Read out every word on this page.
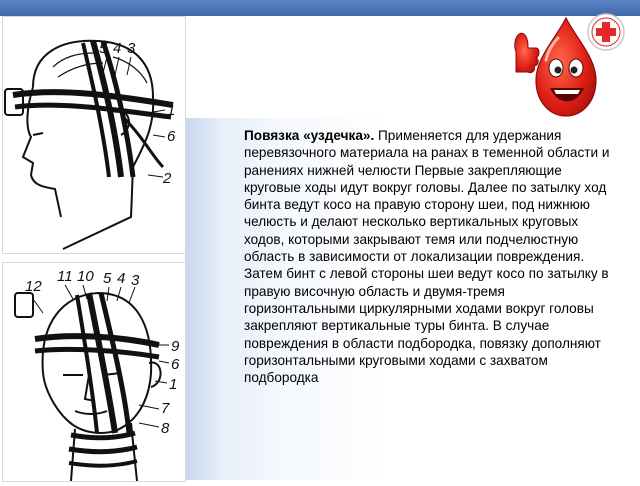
5 4 3
1
6
2
12
11 10 5 4 3
9
6
1
7
8
Повязка «уздечка». Применяется для удержания перевязочного материала на ранах в теменной области и ранениях нижней челюсти Первые закрепляющие круговые ходы идут вокруг головы. Далее по затылку ход бинта ведут косо на правую сторону шеи, под нижнюю челюсть и делают несколько вертикальных круговых ходов, которыми закрывают темя или подчелюстную область в зависимости от локализации повреждения. Затем бинт с левой стороны шеи ведут косо по затылку в правую височную область и двумя-тремя горизонтальными циркулярными ходами вокруг головы закрепляют вертикальные туры бинта. В случае повреждения в области подбородка, повязку дополняют горизонтальными круговыми ходами с захватом подбородка
